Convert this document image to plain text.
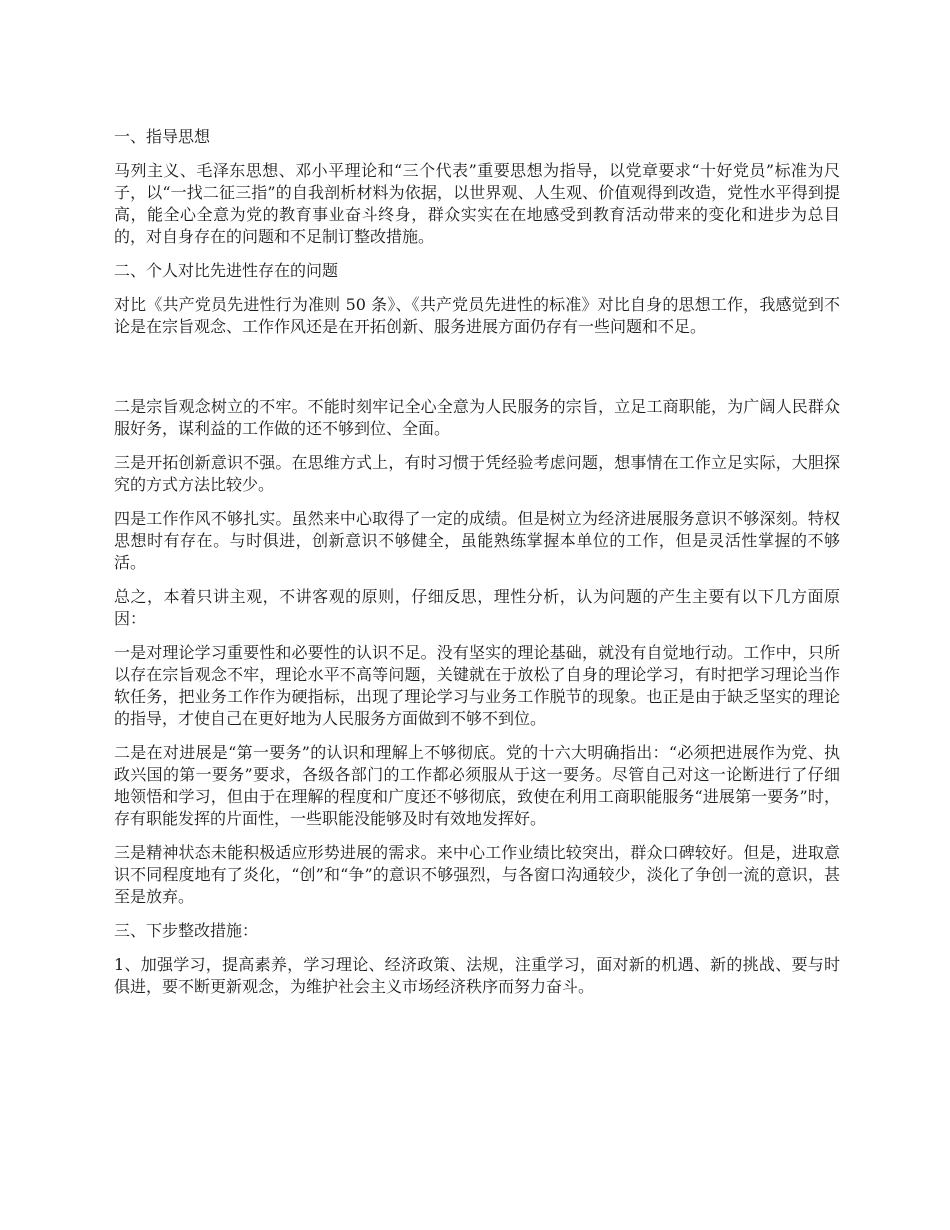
一、指导思想

马列主义、毛泽东思想、邓小平理论和“三个代表”重要思想为指导，以党章要求“十好党员”标准为尺子，以“一找二征三指”的自我剖析材料为依据，以世界观、人生观、价值观得到改造，党性水平得到提高，能全心全意为党的教育事业奋斗终身，群众实实在在地感受到教育活动带来的变化和进步为总目的，对自身存在的问题和不足制订整改措施。

二、个人对比先进性存在的问题

对比《共产党员先进性行为准则 50 条》、《共产党员先进性的标准》对比自身的思想工作，我感觉到不论是在宗旨观念、工作作风还是在开拓创新、服务进展方面仍存有一些问题和不足。

二是宗旨观念树立的不牢。不能时刻牢记全心全意为人民服务的宗旨，立足工商职能，为广阔人民群众服好务，谋利益的工作做的还不够到位、全面。

三是开拓创新意识不强。在思维方式上，有时习惯于凭经验考虑问题，想事情在工作立足实际，大胆探究的方式方法比较少。

四是工作作风不够扎实。虽然来中心取得了一定的成绩。但是树立为经济进展服务意识不够深刻。特权思想时有存在。与时俱进，创新意识不够健全，虽能熟练掌握本单位的工作，但是灵活性掌握的不够活。

总之，本着只讲主观，不讲客观的原则，仔细反思，理性分析，认为问题的产生主要有以下几方面原因：

一是对理论学习重要性和必要性的认识不足。没有坚实的理论基础，就没有自觉地行动。工作中，只所以存在宗旨观念不牢，理论水平不高等问题，关键就在于放松了自身的理论学习，有时把学习理论当作软任务，把业务工作作为硬指标，出现了理论学习与业务工作脱节的现象。也正是由于缺乏坚实的理论的指导，才使自己在更好地为人民服务方面做到不够不到位。

二是在对进展是“第一要务”的认识和理解上不够彻底。党的十六大明确指出：“必须把进展作为党、执政兴国的第一要务”要求，各级各部门的工作都必须服从于这一要务。尽管自己对这一论断进行了仔细地领悟和学习，但由于在理解的程度和广度还不够彻底，致使在利用工商职能服务“进展第一要务”时，存有职能发挥的片面性，一些职能没能够及时有效地发挥好。

三是精神状态未能积极适应形势进展的需求。来中心工作业绩比较突出，群众口碑较好。但是，进取意识不同程度地有了炎化，“创”和“争”的意识不够强烈，与各窗口沟通较少，淡化了争创一流的意识，甚至是放弃。

三、下步整改措施：

1、加强学习，提高素养，学习理论、经济政策、法规，注重学习，面对新的机遇、新的挑战、要与时俱进，要不断更新观念，为维护社会主义市场经济秩序而努力奋斗。
